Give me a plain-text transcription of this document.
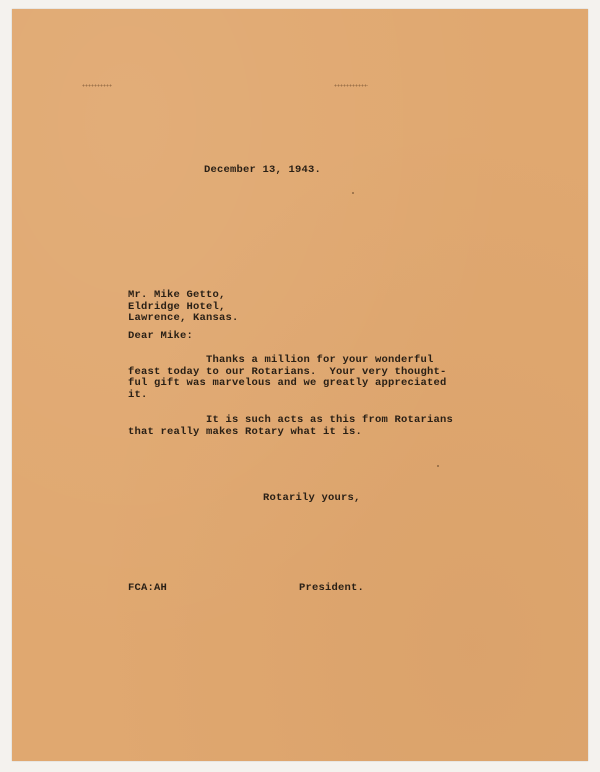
December 13, 1943.
Mr. Mike Getto,
Eldridge Hotel,
Lawrence, Kansas.
Dear Mike:
Thanks a million for your wonderful
feast today to our Rotarians.  Your very thought-
ful gift was marvelous and we greatly appreciated
it.
It is such acts as this from Rotarians
that really makes Rotary what it is.
Rotarily yours,
FCA:AH	President.
